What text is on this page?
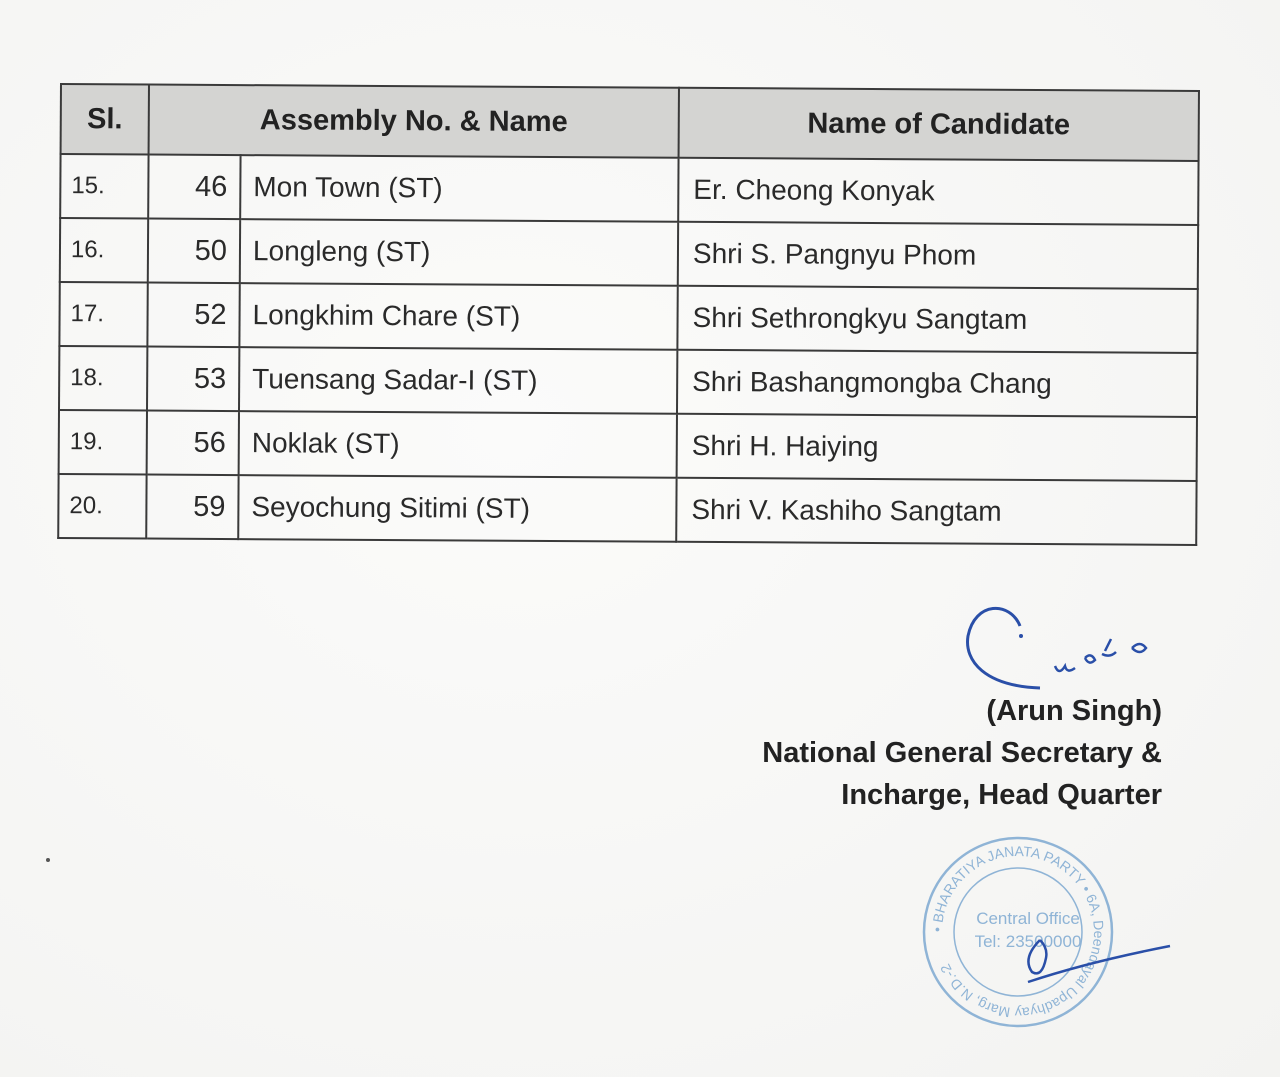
Sl.	Assembly No. & Name		Name of Candidate
15.	46	Mon Town (ST)	Er. Cheong Konyak
16.	50	Longleng (ST)	Shri S. Pangnyu Phom
17.	52	Longkhim Chare (ST)	Shri Sethrongkyu Sangtam
18.	53	Tuensang Sadar-I (ST)	Shri Bashangmongba Chang
19.	56	Noklak (ST)	Shri H. Haiying
20.	59	Seyochung Sitimi (ST)	Shri V. Kashiho Sangtam
(Arun Singh)
National General Secretary &
Incharge, Head Quarter
• BHARATIYA JANATA PARTY • 6A, Deendayal Upadhyay Marg, N.D.-2
Central Office
Tel: 23500000
